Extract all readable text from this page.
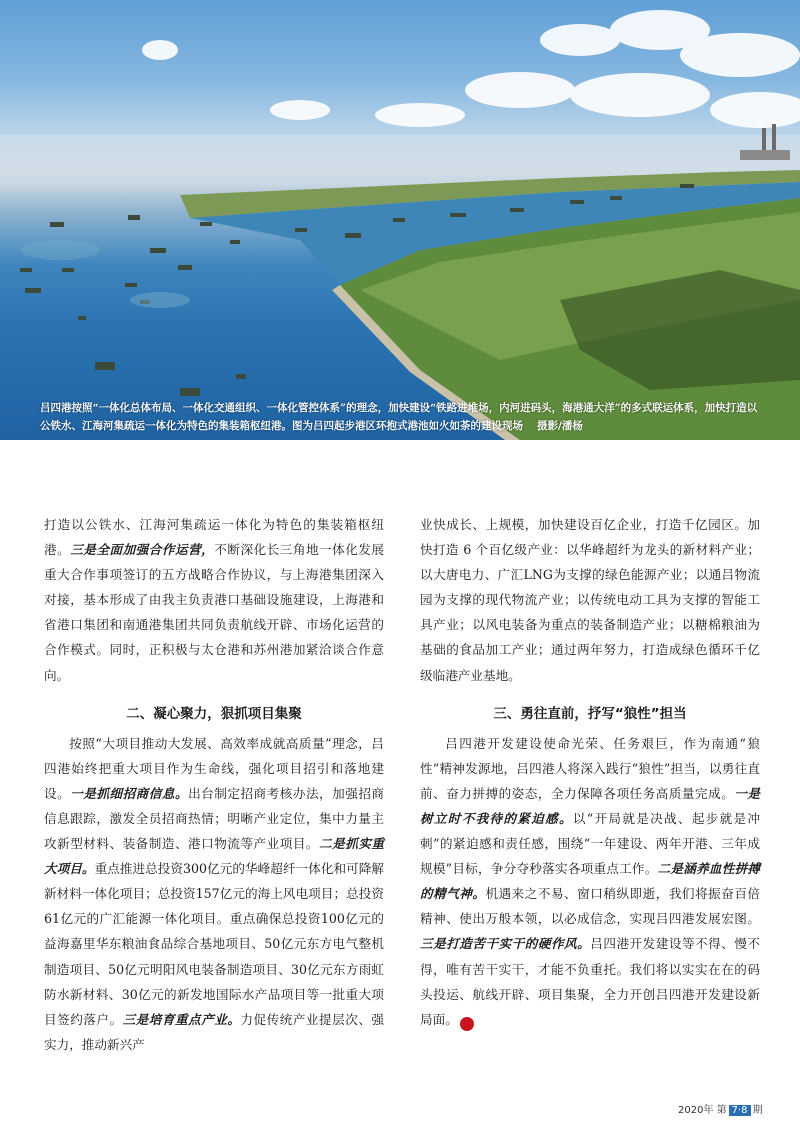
吕四港按照“一体化总体布局、一体化交通组织、一体化管控体系”的理念，加快建设“铁路进堆场，内河进码头，海港通大洋”的多式联运体系，加快打造以公铁水、江海河集疏运一体化为特色的集装箱枢纽港。图为吕四起步港区环抱式港池如火如荼的建设现场 摄影/潘杨

打造以公铁水、江海河集疏运一体化为特色的集装箱枢纽港。三是全面加强合作运营，不断深化长三角地一体化发展重大合作事项签订的五方战略合作协议，与上海港集团深入对接，基本形成了由我主负责港口基础设施建设，上海港和省港口集团和南通港集团共同负责航线开辟、市场化运营的合作模式。同时，正积极与太仓港和苏州港加紧洽谈合作意向。

二、凝心聚力，狠抓项目集聚

按照“大项目推动大发展、高效率成就高质量”理念，吕四港始终把重大项目作为生命线，强化项目招引和落地建设。一是抓细招商信息。出台制定招商考核办法，加强招商信息跟踪，激发全员招商热情；明晰产业定位，集中力量主攻新型材料、装备制造、港口物流等产业项目。二是抓实重大项目。重点推进总投资300亿元的华峰超纤一体化和可降解新材料一体化项目；总投资157亿元的海上风电项目；总投资61亿元的广汇能源一体化项目。重点确保总投资100亿元的益海嘉里华东粮油食品综合基地项目、50亿元东方电气整机制造项目、50亿元明阳风电装备制造项目、30亿元东方雨虹防水新材料、30亿元的新发地国际水产品项目等一批重大项目签约落户。三是培育重点产业。力促传统产业提层次、强实力，推动新兴产

业快成长、上规模，加快建设百亿企业，打造千亿园区。加快打造 6 个百亿级产业：以华峰超纤为龙头的新材料产业；以大唐电力、广汇LNG为支撑的绿色能源产业；以通吕物流园为支撑的现代物流产业；以传统电动工具为支撑的智能工具产业；以风电装备为重点的装备制造产业；以糖棉粮油为基础的食品加工产业；通过两年努力，打造成绿色循环千亿级临港产业基地。

三、勇往直前，抒写“狼性”担当

吕四港开发建设使命光荣、任务艰巨，作为南通“狼性”精神发源地，吕四港人将深入践行“狼性”担当，以勇往直前、奋力拼搏的姿态，全力保障各项任务高质量完成。一是树立时不我待的紧迫感。以“开局就是决战、起步就是冲刺”的紧迫感和责任感，围绕“一年建设、两年开港、三年成规模”目标，争分夺秒落实各项重点工作。二是涵养血性拼搏的精气神。机遇来之不易、窗口稍纵即逝，我们将振奋百倍精神、使出万般本领，以必成信念，实现吕四港发展宏图。三是打造苦干实干的硬作风。吕四港开发建设等不得、慢不得，唯有苦干实干，才能不负重托。我们将以实实在在的码头投运、航线开辟、项目集聚，全力开创吕四港开发建设新局面。	冕

2020年 第 7·8 期
